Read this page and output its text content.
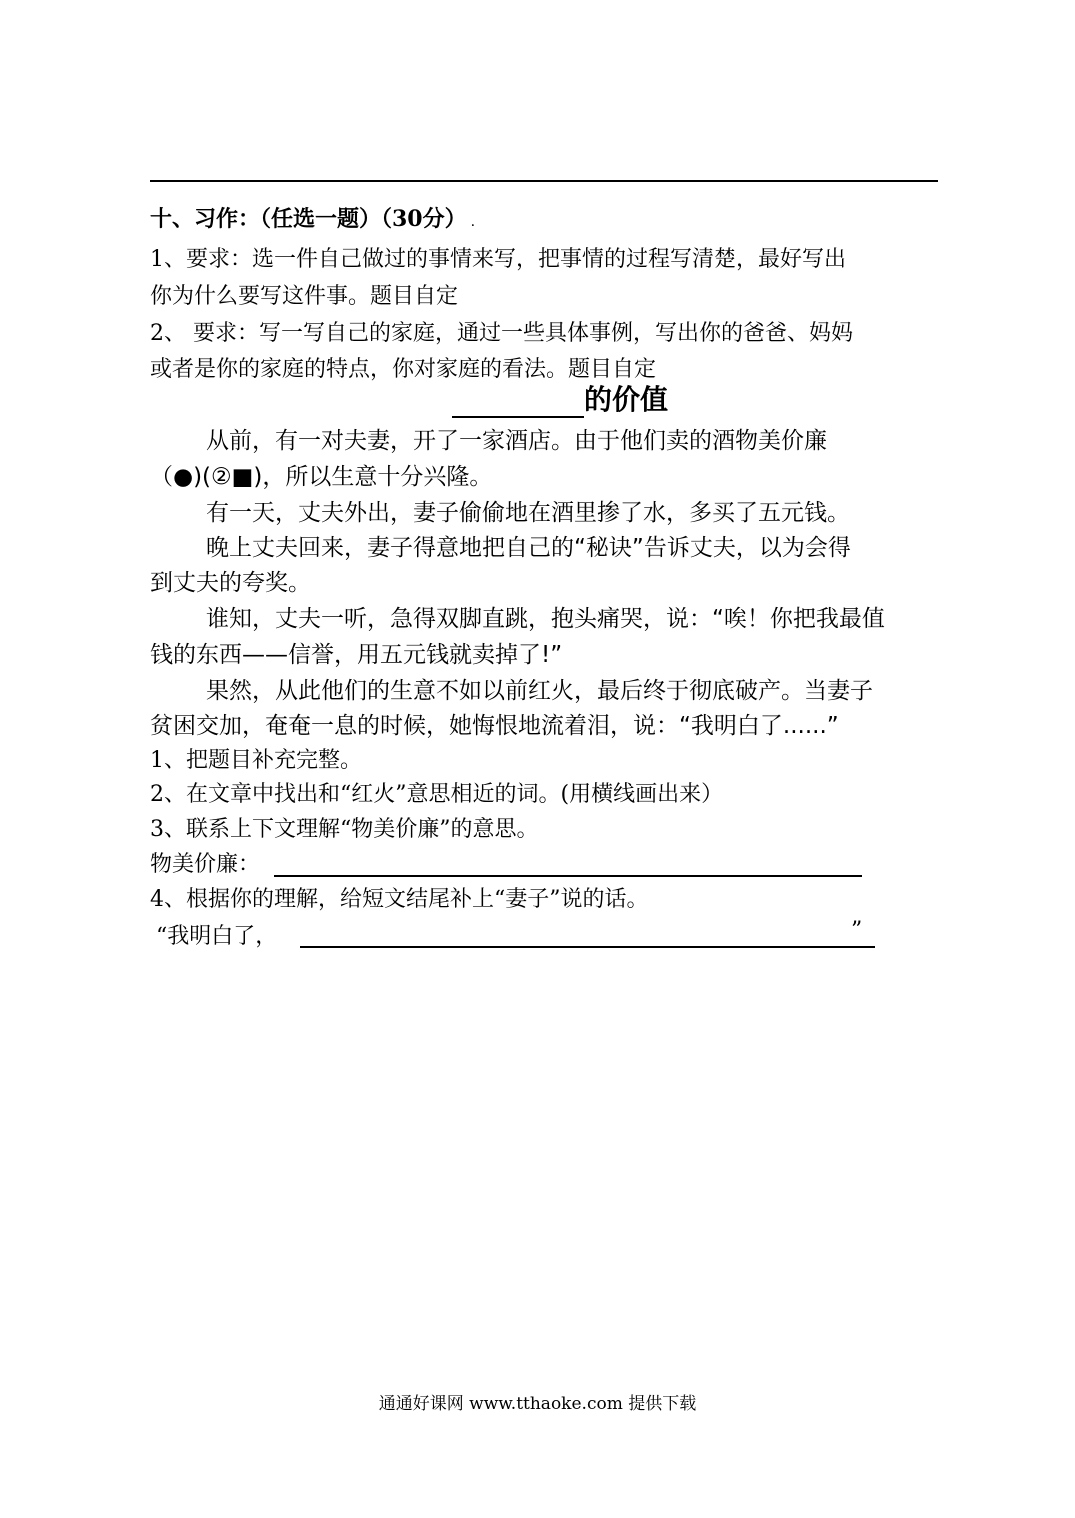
十、习作：（任选一题）（30分） .
1、要求：选一件自己做过的事情来写，把事情的过程写清楚，最好写出
你为什么要写这件事。题目自定
2、 要求：写一写自己的家庭，通过一些具体事例，写出你的爸爸、妈妈
或者是你的家庭的特点，你对家庭的看法。题目自定
的价值
从前，有一对夫妻，开了一家酒店。由于他们卖的酒物美价廉
（●)(②■)，所以生意十分兴隆。
有一天，丈夫外出，妻子偷偷地在酒里掺了水，多买了五元钱。
晚上丈夫回来，妻子得意地把自己的“秘诀”告诉丈夫，以为会得
到丈夫的夸奖。
谁知，丈夫一听，急得双脚直跳，抱头痛哭，说：“唉！你把我最值
钱的东西——信誉，用五元钱就卖掉了!”
果然，从此他们的生意不如以前红火，最后终于彻底破产。当妻子
贫困交加，奄奄一息的时候，她悔恨地流着泪，说：“我明白了......”
1、把题目补充完整。
2、在文章中找出和“红火”意思相近的词。(用横线画出来）
3、联系上下文理解“物美价廉”的意思。
物美价廉：
4、根据你的理解，给短文结尾补上“妻子”说的话。
“我明白了，	”
通通好课网 www.tthaoke.com 提供下载
